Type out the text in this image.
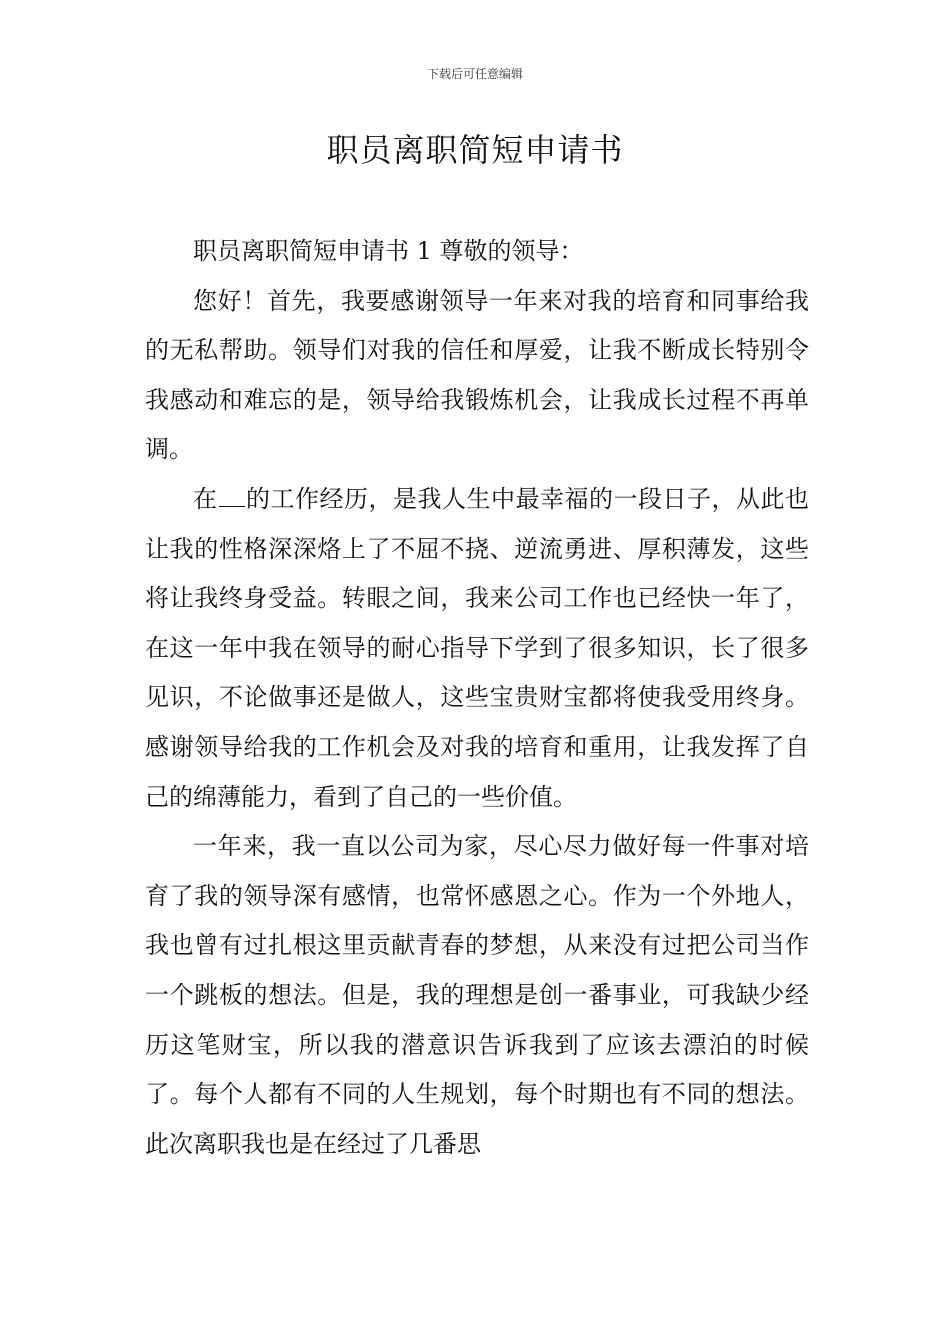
下载后可任意编辑
职员离职简短申请书

职员离职简短申请书 1 尊敬的领导：

您好！首先，我要感谢领导一年来对我的培育和同事给我的无私帮助。领导们对我的信任和厚爱，让我不断成长特别令我感动和难忘的是，领导给我锻炼机会，让我成长过程不再单调。

在 的工作经历，是我人生中最幸福的一段日子，从此也让我的性格深深烙上了不屈不挠、逆流勇进、厚积薄发，这些将让我终身受益。转眼之间，我来公司工作也已经快一年了，在这一年中我在领导的耐心指导下学到了很多知识，长了很多见识，不论做事还是做人，这些宝贵财宝都将使我受用终身。感谢领导给我的工作机会及对我的培育和重用，让我发挥了自己的绵薄能力，看到了自己的一些价值。

一年来，我一直以公司为家，尽心尽力做好每一件事对培育了我的领导深有感情，也常怀感恩之心。作为一个外地人，我也曾有过扎根这里贡献青春的梦想，从来没有过把公司当作一个跳板的想法。但是，我的理想是创一番事业，可我缺少经历这笔财宝，所以我的潜意识告诉我到了应该去漂泊的时候了。每个人都有不同的人生规划，每个时期也有不同的想法。此次离职我也是在经过了几番思
